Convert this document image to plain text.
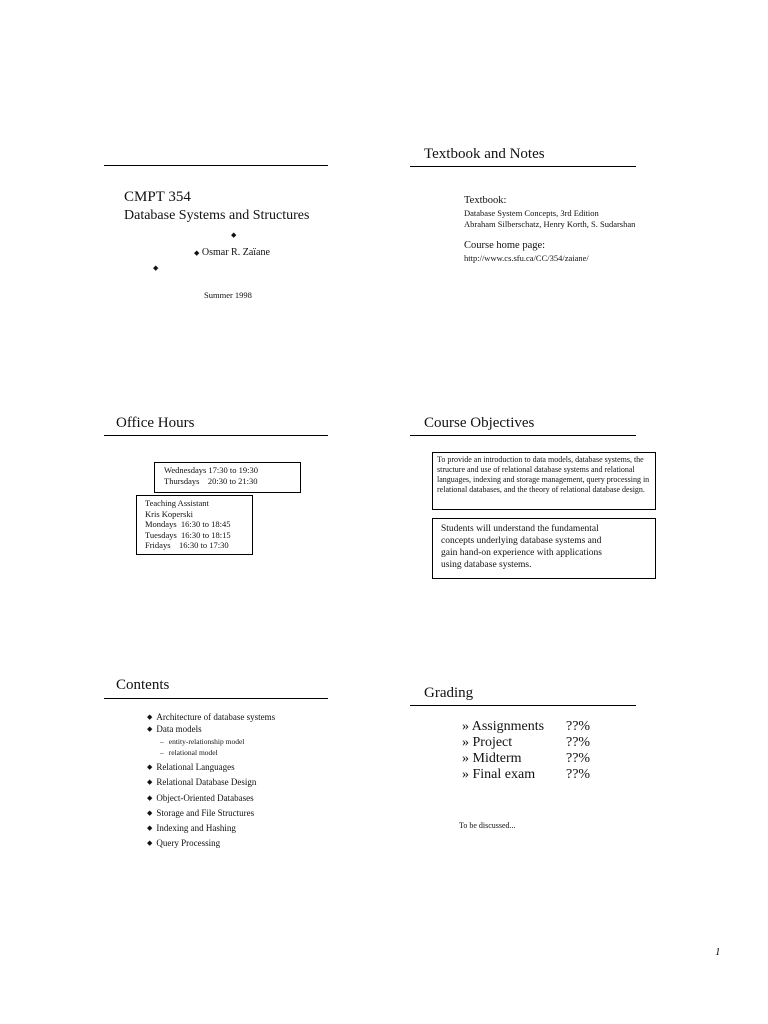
CMPT 354
Database Systems and Structures
◆
◆ Osmar R. Zaïane
◆
Summer 1998
Textbook and Notes
Textbook:
Database System Concepts, 3rd Edition
Abraham Silberschatz, Henry Korth, S. Sudarshan
Course home page:
http://www.cs.sfu.ca/CC/354/zaiane/
Office Hours
Wednesdays 17:30 to 19:30
Thursdays    20:30 to 21:30
Teaching Assistant
Kris Koperski
Mondays  16:30 to 18:45
Tuesdays  16:30 to 18:15
Fridays    16:30 to 17:30
Course Objectives
To provide an introduction to data models, database systems, the structure and use of relational database systems and relational languages, indexing and storage management, query processing in relational databases, and the theory of relational database design.
Students will understand the fundamental
concepts underlying database systems and
gain hand-on experience with applications
using database systems.
Contents
◆ Architecture of database systems
◆ Data models
– entity-relationship model
– relational model
◆ Relational Languages
◆ Relational Database Design
◆ Object-Oriented Databases
◆ Storage and File Structures
◆ Indexing and Hashing
◆ Query Processing
Grading
» Assignments	??%
» Project	??%
» Midterm	??%
» Final exam	??%
To be discussed...
1
